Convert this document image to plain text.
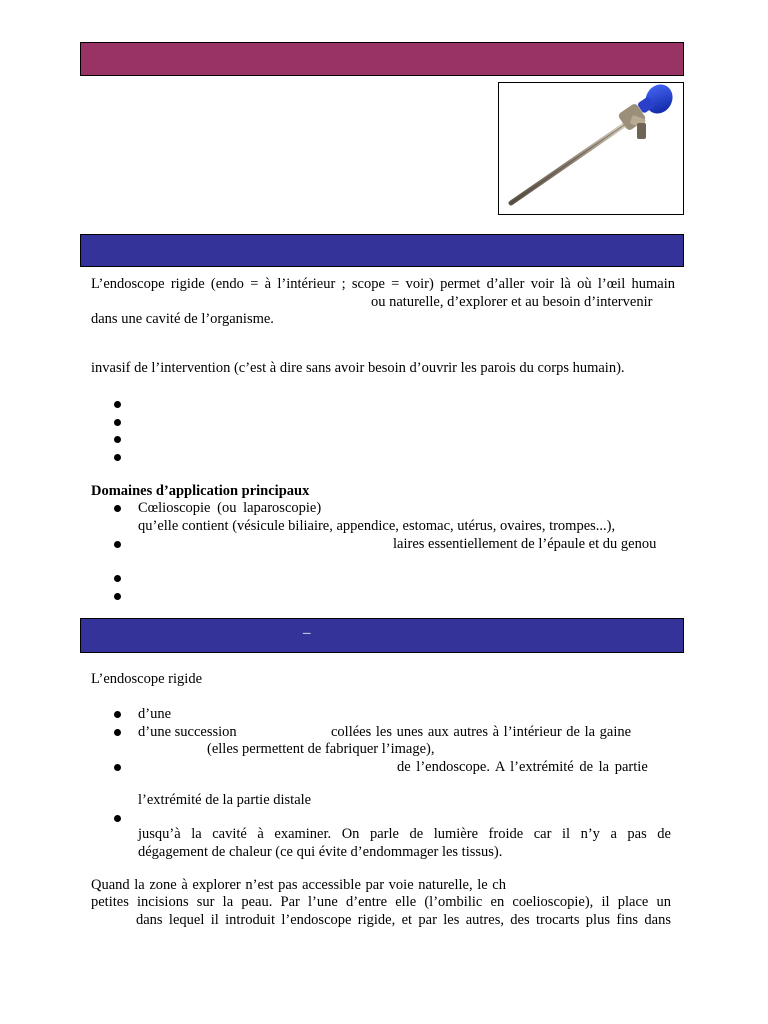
L’endoscope rigide (endo = à l’intérieur ; scope = voir) permet d’aller voir là où l’œil humain
ou naturelle, d’explorer et au besoin d’intervenir
dans une cavité de l’organisme.
invasif de l’intervention (c’est à dire sans avoir besoin d’ouvrir les parois du corps humain).
Domaines d’application principaux
Cœlioscopie (ou laparoscopie)
qu’elle contient (vésicule biliaire, appendice, estomac, utérus, ovaires, trompes...),
laires essentiellement de l’épaule et du genou
–
L’endoscope rigide
d’une
d’une succession	collées les unes aux autres à l’intérieur de la gaine
(elles permettent de fabriquer l’image),
de l’endoscope. A l’extrémité de la partie
l’extrémité de la partie distale
jusqu’à la cavité à examiner. On parle de lumière froide car il n’y a pas de
dégagement de chaleur (ce qui évite d’endommager les tissus).
Quand la zone à explorer n’est pas accessible par voie naturelle, le ch
petites incisions sur la peau. Par l’une d’entre elle (l’ombilic en coelioscopie), il place un
dans lequel il introduit l’endoscope rigide, et par les autres, des trocarts plus fins dans
